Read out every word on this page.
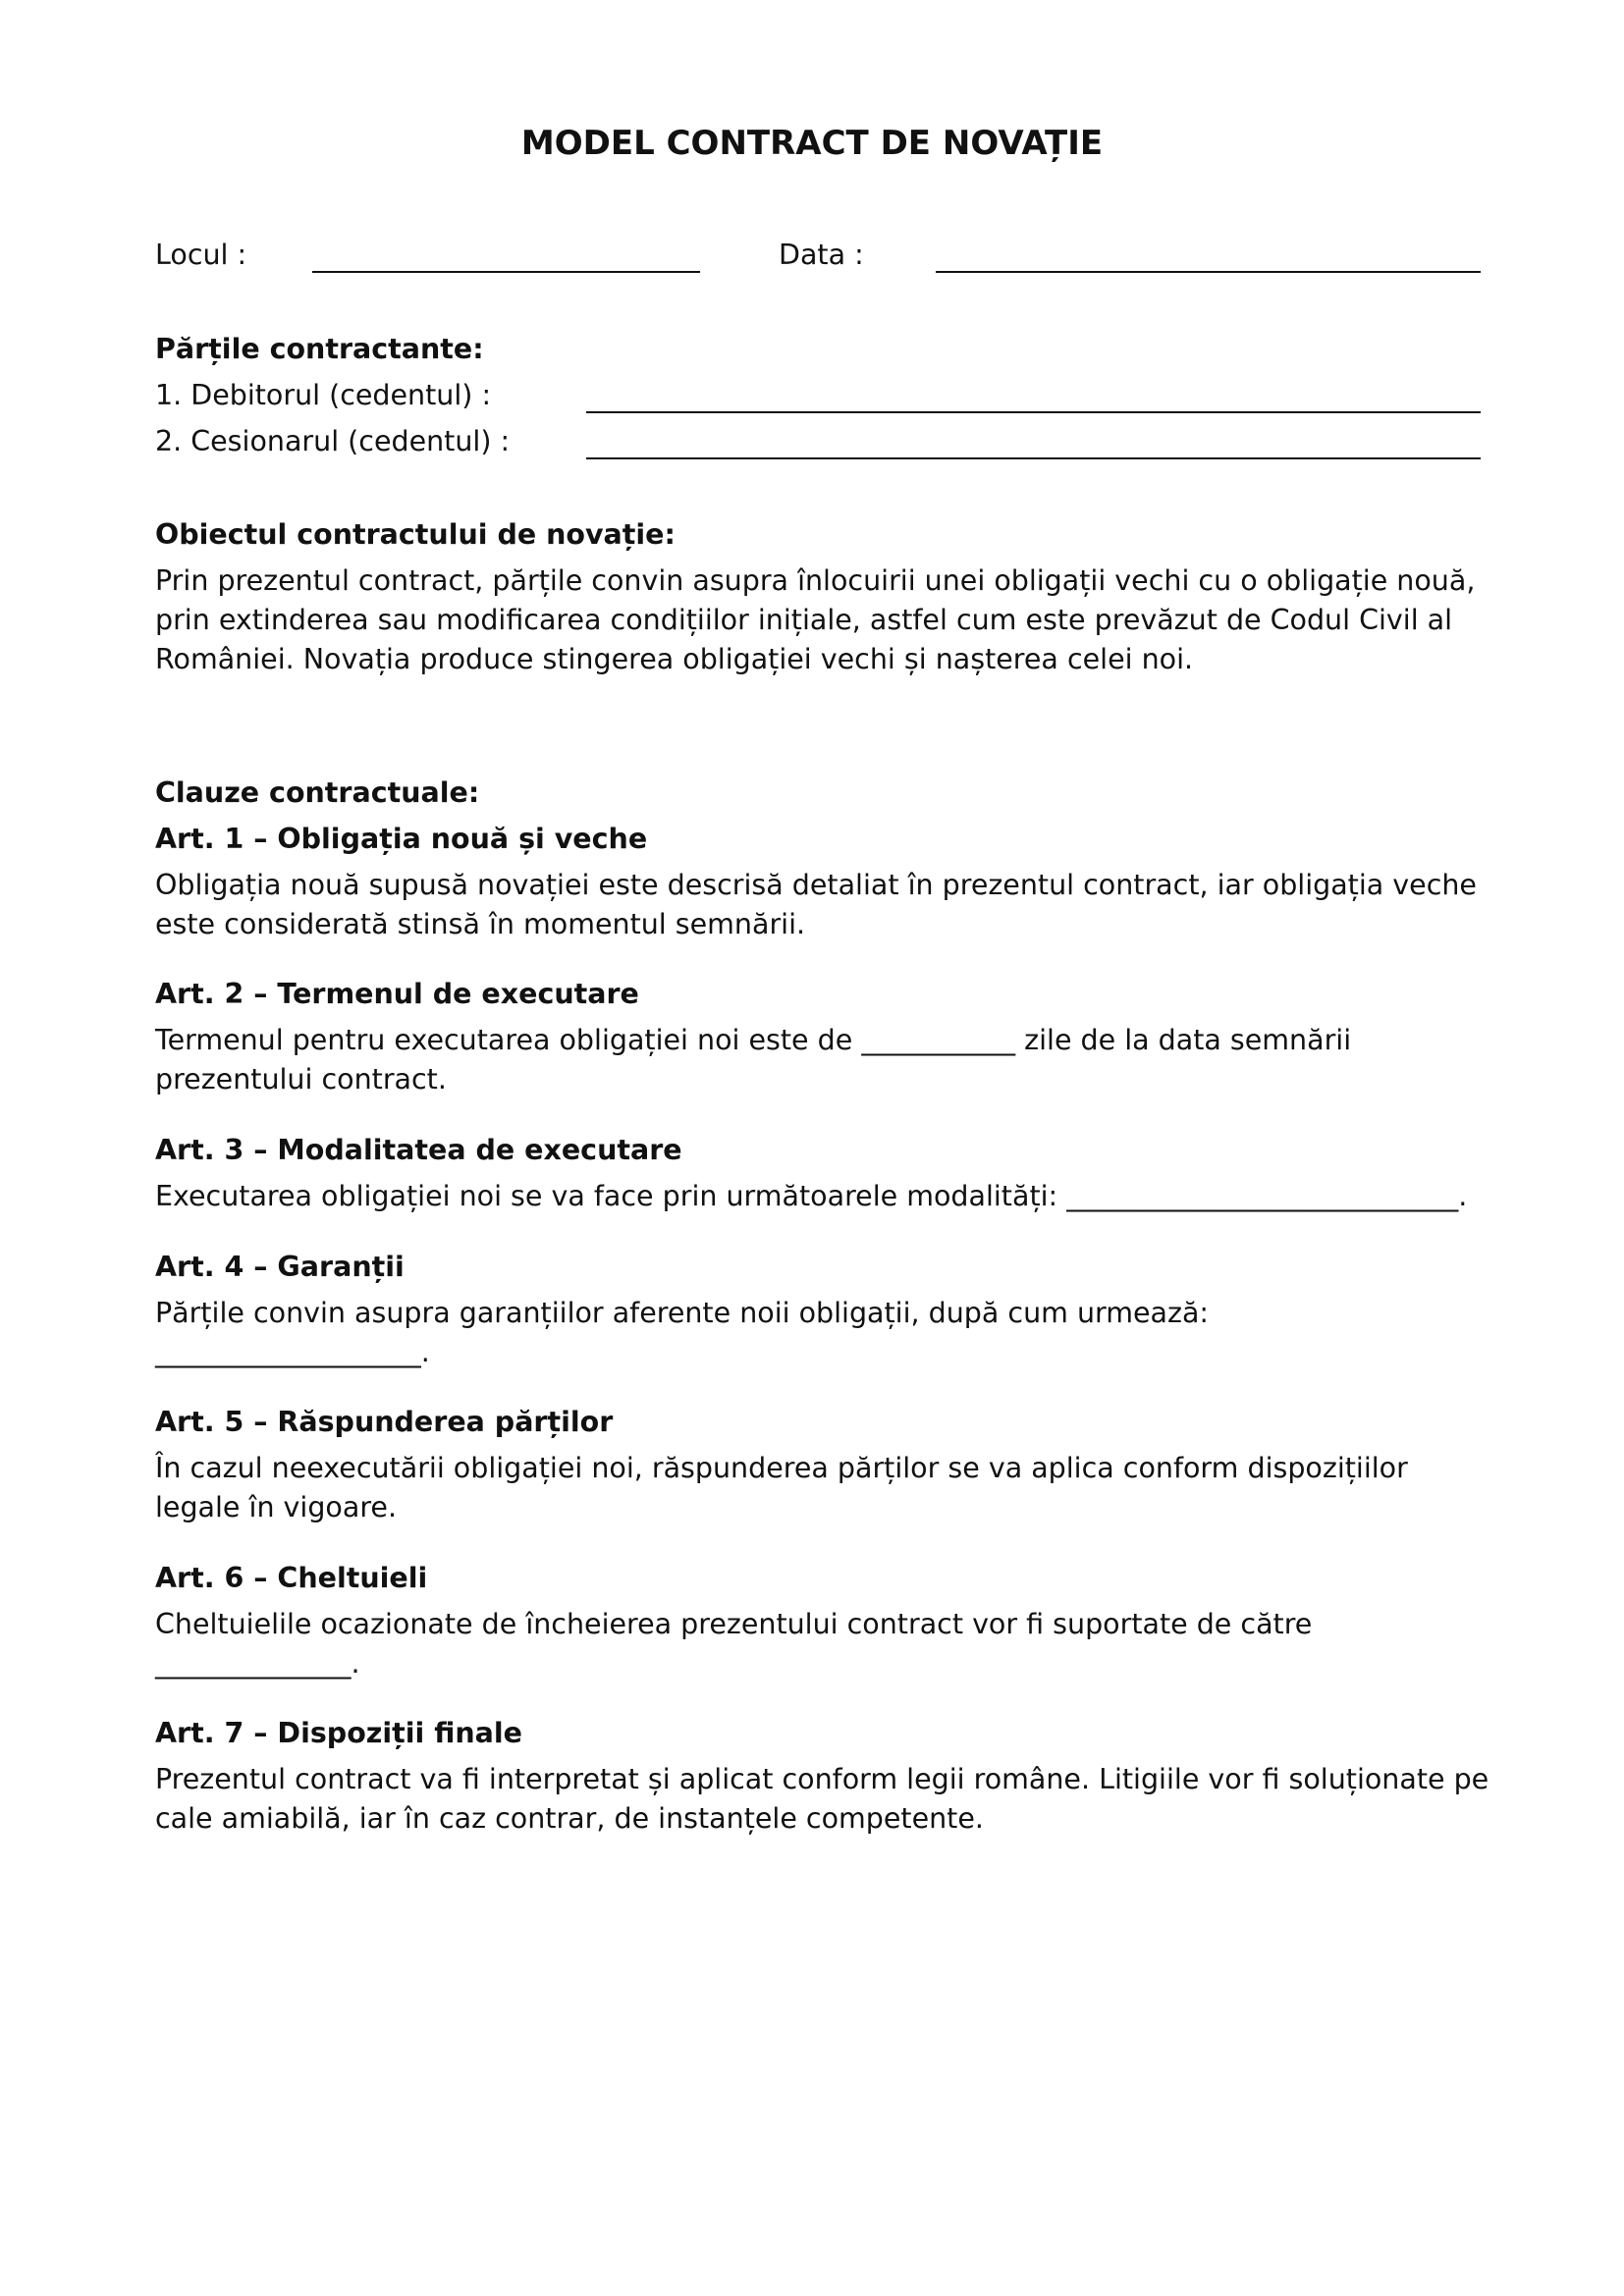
MODEL CONTRACT DE NOVAȚIE
Locul :	Data :
Părțile contractante:
1. Debitorul (cedentul) :
2. Cesionarul (cedentul) :
Obiectul contractului de novație:

Prin prezentul contract, părțile convin asupra înlocuirii unei obligații vechi cu o obligație nouă, prin extinderea sau modificarea condițiilor inițiale, astfel cum este prevăzut de Codul Civil al României. Novația produce stingerea obligației vechi și nașterea celei noi.

Clauze contractuale:
Art. 1 – Obligația nouă și veche

Obligația nouă supusă novației este descrisă detaliat în prezentul contract, iar obligația veche este considerată stinsă în momentul semnării.

Art. 2 – Termenul de executare

Termenul pentru executarea obligației noi este de ___________ zile de la data semnării prezentului contract.

Art. 3 – Modalitatea de executare

Executarea obligației noi se va face prin următoarele modalități: ____________________________.

Art. 4 – Garanții

Părțile convin asupra garanțiilor aferente noii obligații, după cum urmează: ___________________.

Art. 5 – Răspunderea părților

În cazul neexecutării obligației noi, răspunderea părților se va aplica conform dispozițiilor legale în vigoare.

Art. 6 – Cheltuieli

Cheltuielile ocazionate de încheierea prezentului contract vor fi suportate de către ______________.

Art. 7 – Dispoziții finale

Prezentul contract va fi interpretat și aplicat conform legii române. Litigiile vor fi soluționate pe cale amiabilă, iar în caz contrar, de instanțele competente.
